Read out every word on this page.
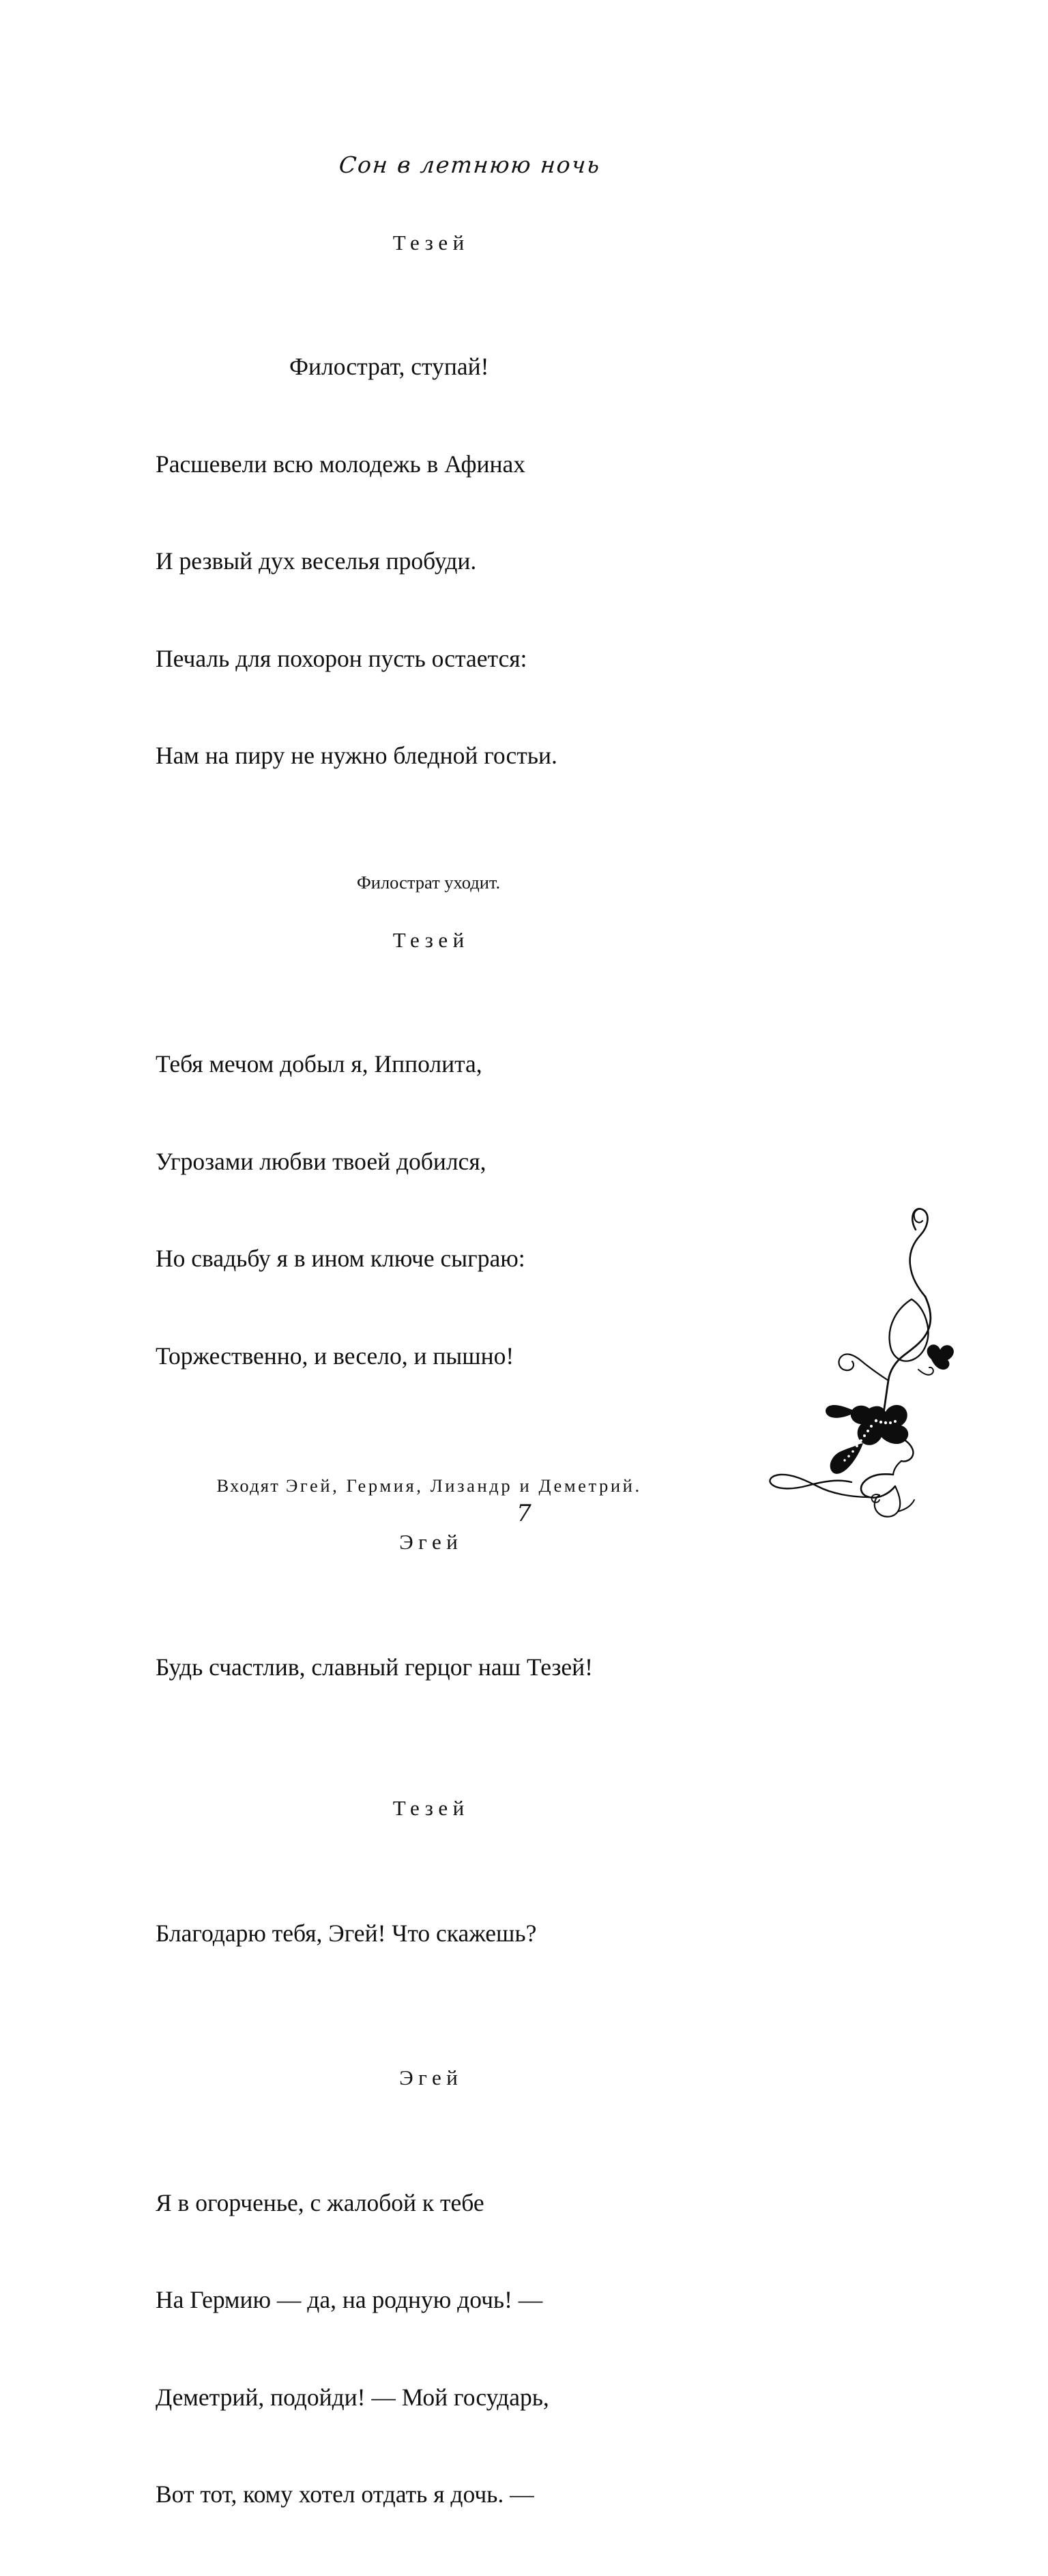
Сон в летнюю ночь
Тезей

Филострат, ступай!

Расшевели всю молодежь в Афинах

И резвый дух веселья пробуди.

Печаль для похорон пусть остается:

Нам на пиру не нужно бледной гостьи.

Филострат уходит.
Тезей

Тебя мечом добыл я, Ипполита,

Угрозами любви твоей добился,

Но свадьбу я в ином ключе сыграю:

Торжественно, и весело, и пышно!

Входят Эгей, Гермия, Лизандр и Деметрий.
Эгей

Будь счастлив, славный герцог наш Тезей!

Тезей

Благодарю тебя, Эгей! Что скажешь?

Эгей

Я в огорченье, с жалобой к тебе

На Гермию — да, на родную дочь! —

Деметрий, подойди! — Мой государь,

Вот тот, кому хотел отдать я дочь. —

7
